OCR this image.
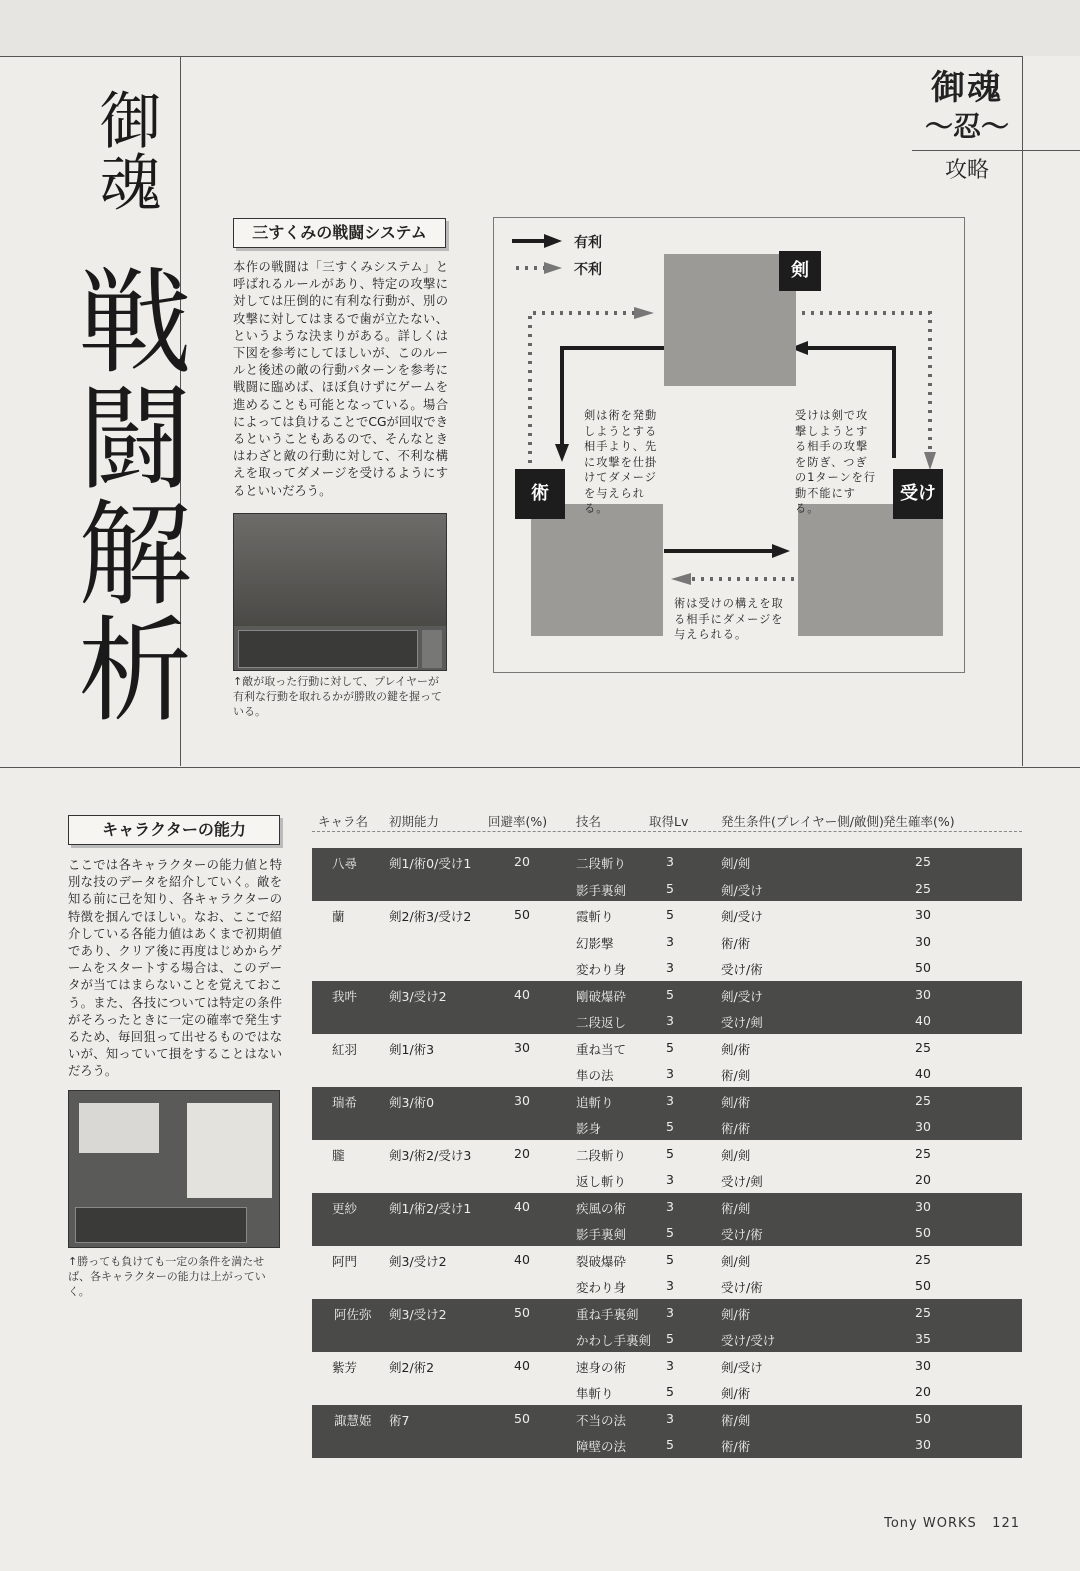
御魂
〜忍〜
攻略
御魂
戦闘解析
三すくみの戦闘システム
本作の戦闘は「三すくみシステム」と呼ばれるルールがあり、特定の攻撃に対しては圧倒的に有利な行動が、別の攻撃に対してはまるで歯が立たない、というような決まりがある。詳しくは下図を参考にしてほしいが、このルールと後述の敵の行動パターンを参考に戦闘に臨めば、ほぼ負けずにゲームを進めることも可能となっている。場合によっては負けることでCGが回収できるということもあるので、そんなときはわざと敵の行動に対して、不利な構えを取ってダメージを受けるようにするといいだろう。
↑敵が取った行動に対して、プレイヤーが有利な行動を取れるかが勝敗の鍵を握っている。
有利
不利	剣
術	受け
剣は術を発動しようとする相手より、先に攻撃を仕掛けてダメージを与えられる。
受けは剣で攻撃しようとする相手の攻撃を防ぎ、つぎの1ターンを行動不能にする。
術は受けの構えを取る相手にダメージを与えられる。
キャラクターの能力
ここでは各キャラクターの能力値と特別な技のデータを紹介していく。敵を知る前に己を知り、各キャラクターの特徴を掴んでほしい。なお、ここで紹介している各能力値はあくまで初期値であり、クリア後に再度はじめからゲームをスタートする場合は、このデータが当てはまらないことを覚えておこう。また、各技については特定の条件がそろったときに一定の確率で発生するため、毎回狙って出せるものではないが、知っていて損をすることはないだろう。
↑勝っても負けても一定の条件を満たせば、各キャラクターの能力は上がっていく。
キャラ名 初期能力	回避率(%) 技名	取得Lv	発生条件(プレイヤー側/敵側) 発生確率(%)
八尋	剣1/術0/受け1	20	二段斬り	3	剣/剣	25
影手裏剣	5	剣/受け	25
蘭	剣2/術3/受け2	50	霞斬り	5	剣/受け	30
幻影撃	3	術/術	30
変わり身	3	受け/術	50
我吽	剣3/受け2	40	剛破爆砕	5	剣/受け	30
二段返し	3	受け/剣	40
紅羽	剣1/術3	30	重ね当て	5	剣/術	25
隼の法	3	術/剣	40
瑞希	剣3/術0	30	追斬り	3	剣/術	25
影身	5	術/術	30
朧	剣3/術2/受け3	20	二段斬り	5	剣/剣	25
返し斬り	3	受け/剣	20
更紗	剣1/術2/受け1	40	疾風の術	3	術/剣	30
影手裏剣	5	受け/術	50
阿門	剣3/受け2	40	裂破爆砕	5	剣/剣	25
変わり身	3	受け/術	50
阿佐弥 剣3/受け2	50	重ね手裏剣 3	剣/術	25
かわし手裏剣 5	受け/受け	35
紫芳	剣2/術2	40	速身の術	3	剣/受け	30
隼斬り	5	剣/術	20
諏慧姫 術7	50	不当の法	3	術/剣	50
障壁の法	5	術/術	30
Tony WORKS 121
